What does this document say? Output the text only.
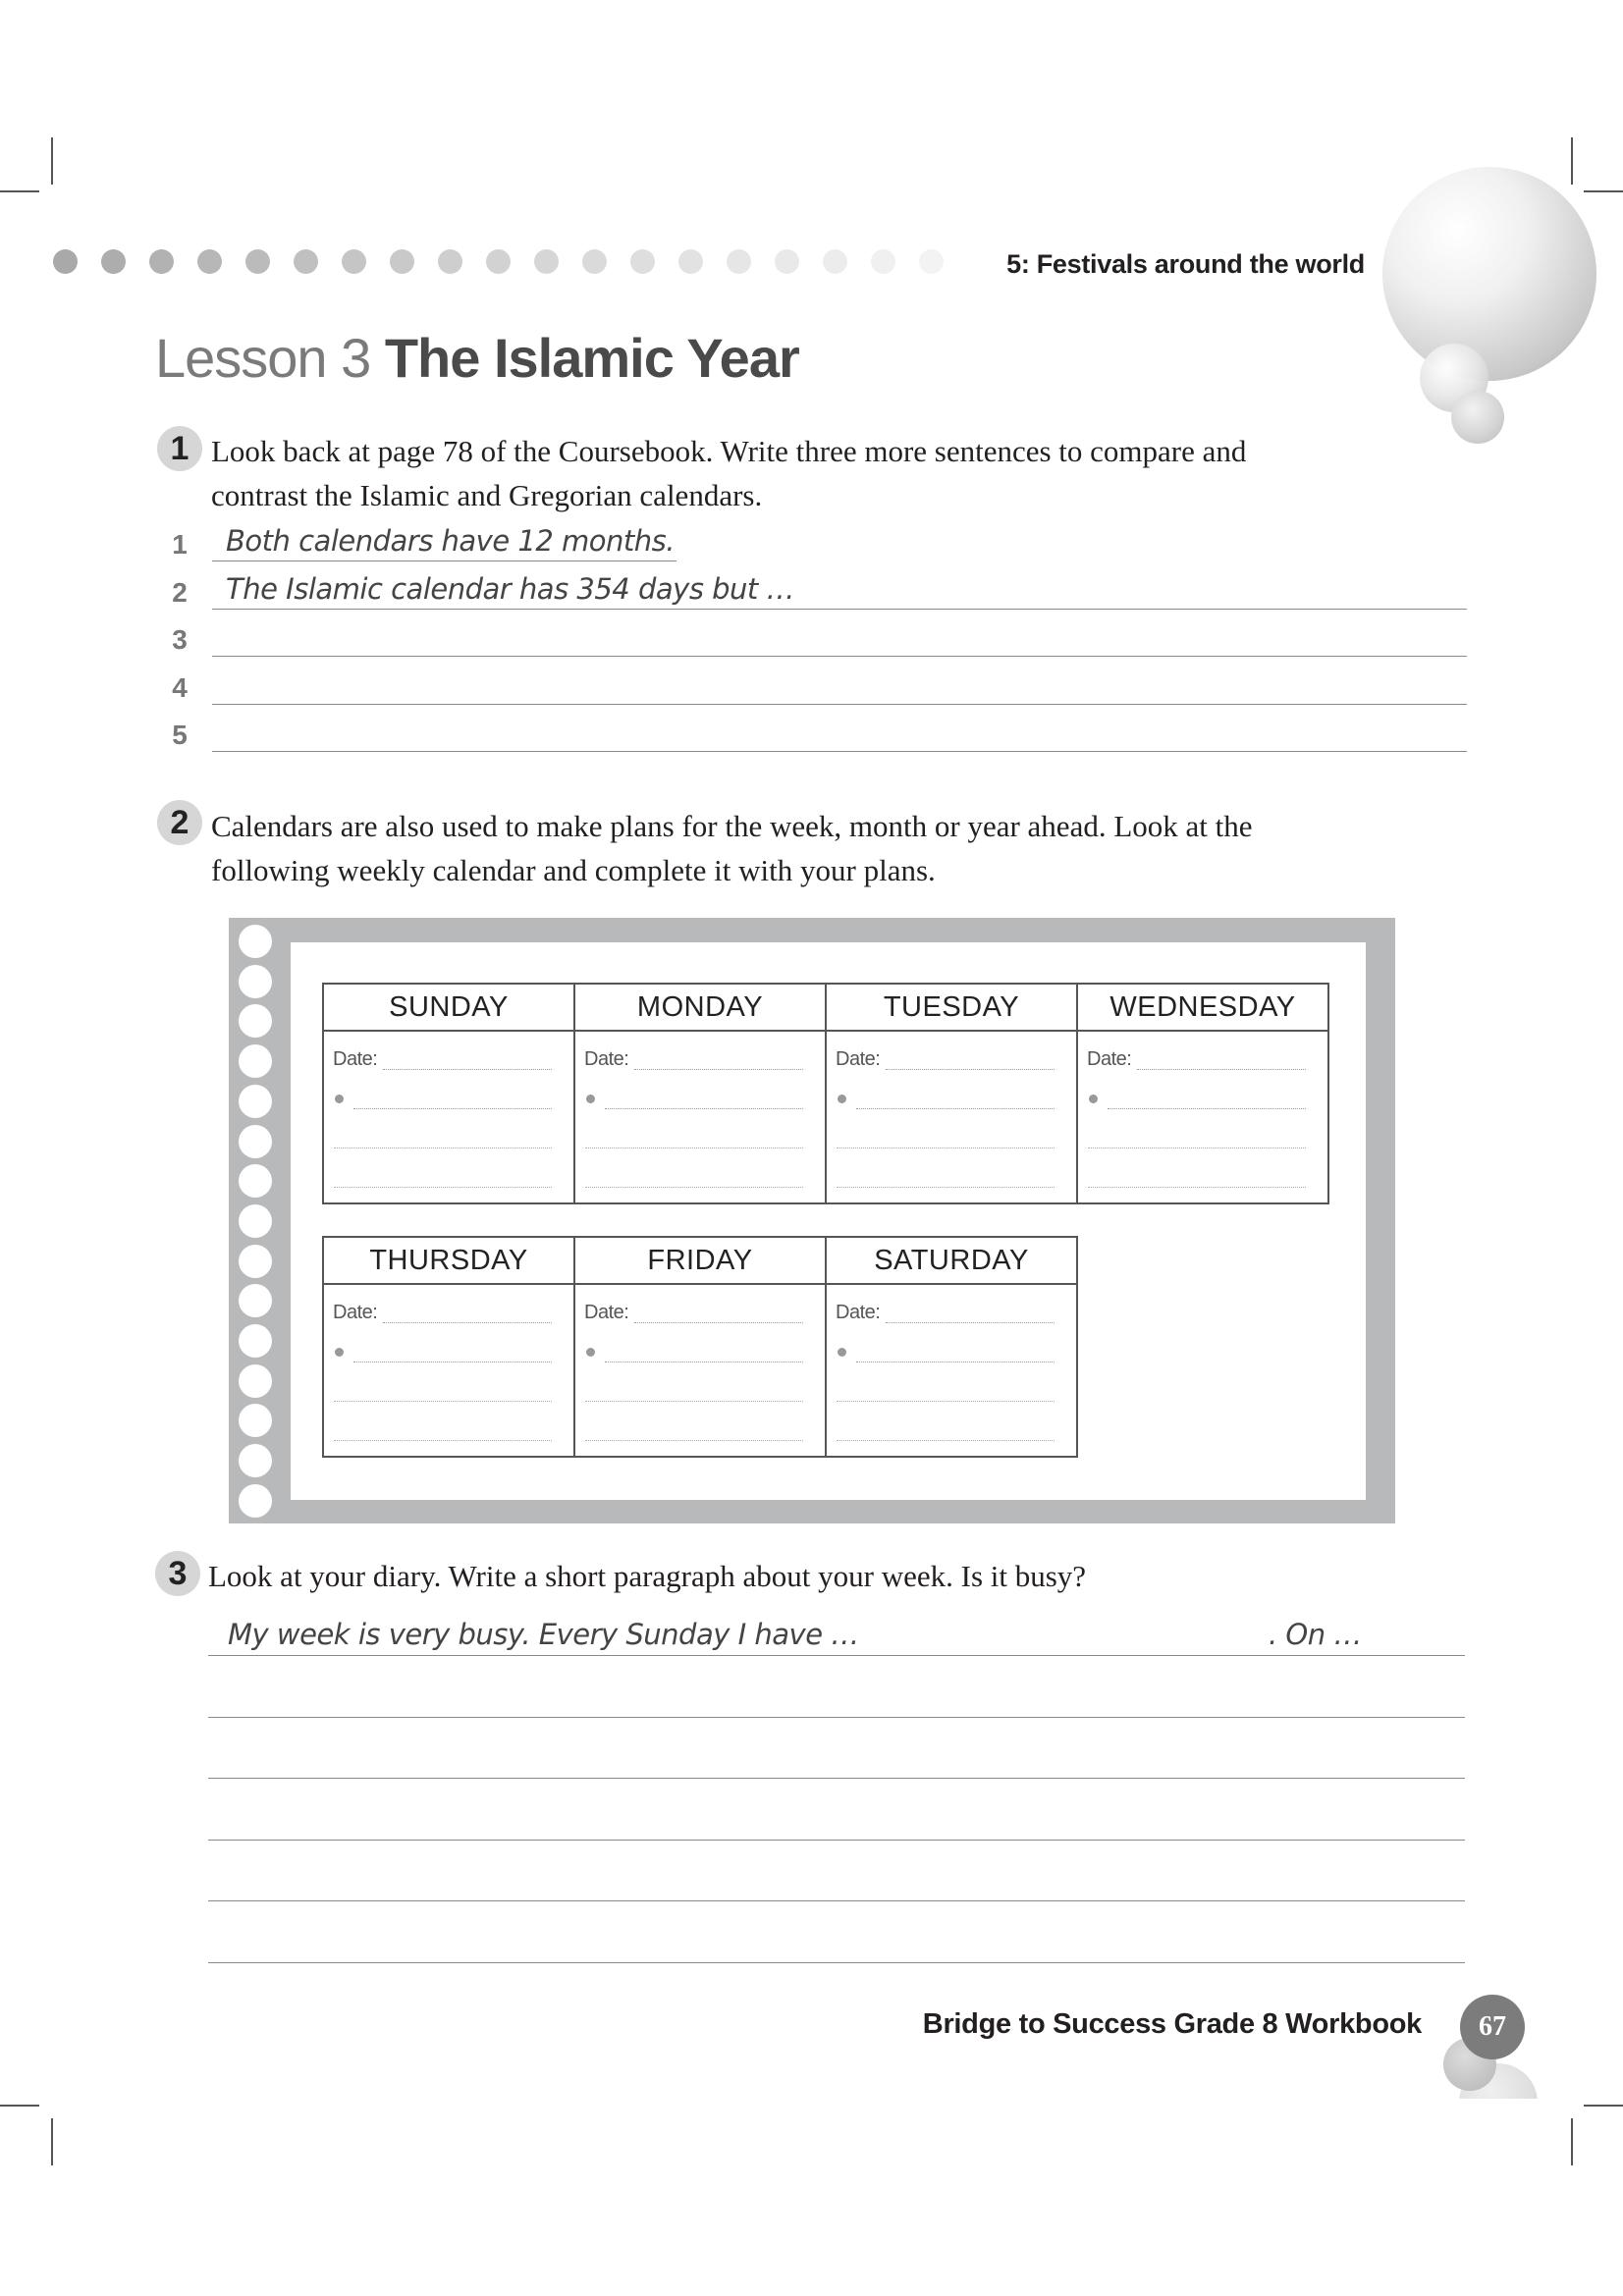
5: Festivals around the world
Lesson 3 The Islamic Year
1 Look back at page 78 of the Coursebook. Write three more sentences to compare and
contrast the Islamic and Gregorian calendars.
1 Both calendars have 12 months.
2 The Islamic calendar has 354 days but …
3
4
5
2 Calendars are also used to make plans for the week, month or year ahead. Look at the
following weekly calendar and complete it with your plans.
SUNDAY	MONDAY	TUESDAY	WEDNESDAY

Date:	Date:	Date:	Date:
THURSDAY	FRIDAY	SATURDAY

Date:	Date:	Date:
3 Look at your diary. Write a short paragraph about your week. Is it busy?
My week is very busy. Every Sunday I have …	. On …
Bridge to Success Grade 8 Workbook	67
